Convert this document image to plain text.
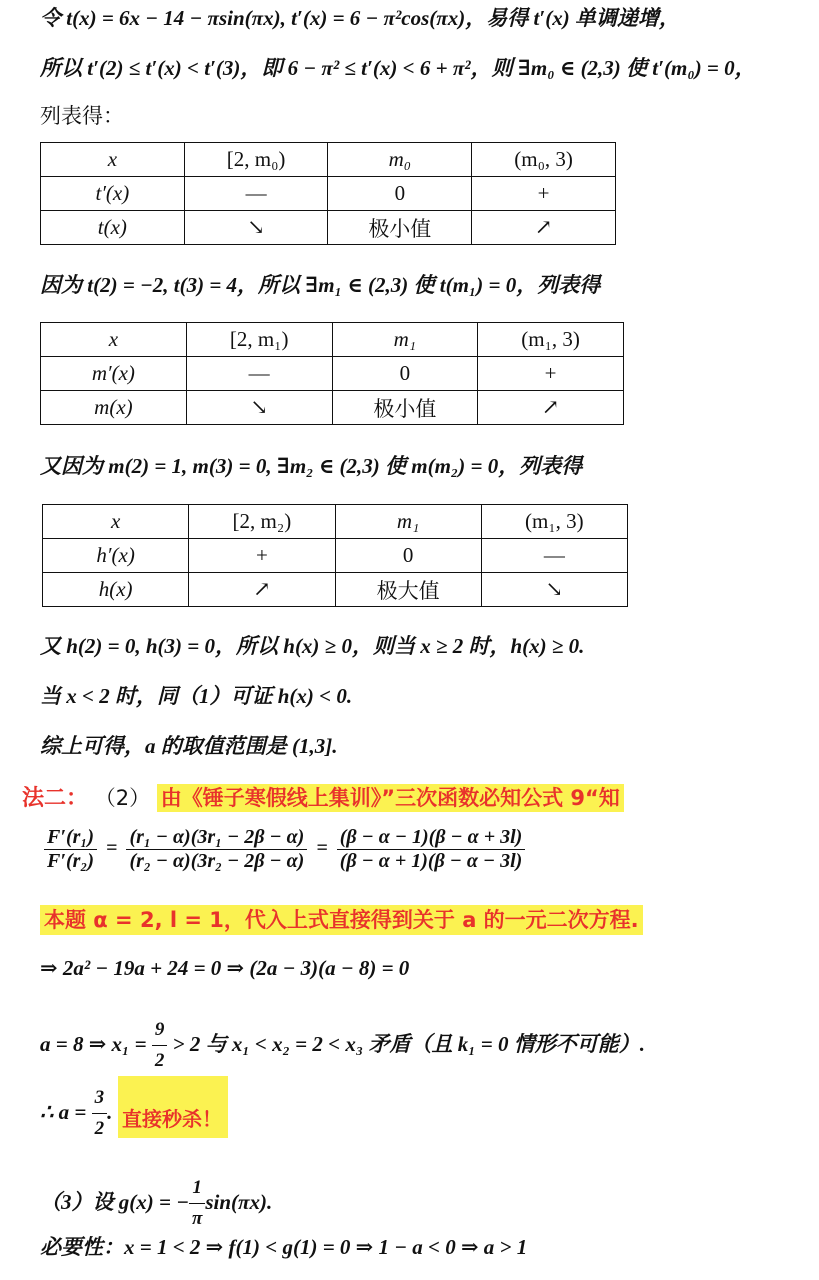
令 t(x) = 6x − 14 − πsin(πx), t′(x) = 6 − π²cos(πx)，易得 t′(x) 单调递增，
所以 t′(2) ≤ t′(x) < t′(3)，即 6 − π² ≤ t′(x) < 6 + π²，则 ∃m₀ ∈ (2,3) 使 t′(m₀) = 0，
列表得：
x	[2, m₀)	m₀	(m₀, 3)
t′(x)	—	0	+
t(x)	↘	极小值	↗
因为 t(2) = −2, t(3) = 4，所以 ∃m₁ ∈ (2,3) 使 t(m₁) = 0，列表得
x	[2, m₁)	m₁	(m₁, 3)
m′(x)	—	0	+
m(x)	↘	极小值	↗
又因为 m(2) = 1, m(3) = 0, ∃m₂ ∈ (2,3) 使 m(m₂) = 0，列表得
x	[2, m₂)	m₁	(m₁, 3)
h′(x)	+	0	—
h(x)	↗	极大值	↘
又 h(2) = 0, h(3) = 0，所以 h(x) ≥ 0，则当 x ≥ 2 时，h(x) ≥ 0.
当 x < 2 时，同（1）可证 h(x) < 0.
综上可得，a 的取值范围是 (1,3].
法二： （2） 由《锤子寒假线上集训》”三次函数必知公式 9“知
$\frac{\text{F′(r₁)}}{\text{F′(r₂)}} = \frac{\text{(r₁ − α)(3r₁ − 2β − α)}}{\text{(r₂ − α)(3r₂ − 2β − α)}} = \frac{(\beta - \alpha - 1)(\beta - \alpha + 3l)}{(\beta - \alpha + 1)(\beta - \alpha - 3l)}$
本题 α = 2, l = 1，代入上式直接得到关于 a 的一元二次方程.
⇒ 2a² − 19a + 24 = 0 ⇒ (2a − 3)(a − 8) = 0
a = 8 ⇒ $x_1 = \frac{9}{2} > 2$ 与 x₁ < x₂ = 2 < x₃ 矛盾（且 k₁ = 0 情形不可能）.
∴ $a = \frac{3}{2}$ . 直接秒杀！
（3）设 g(x) = − $\frac{1}{\pi} \sin(\pi x)$.
必要性：x = 1 < 2 ⇒ f(1) < g(1) = 0 ⇒ 1 − a < 0 ⇒ a > 1
